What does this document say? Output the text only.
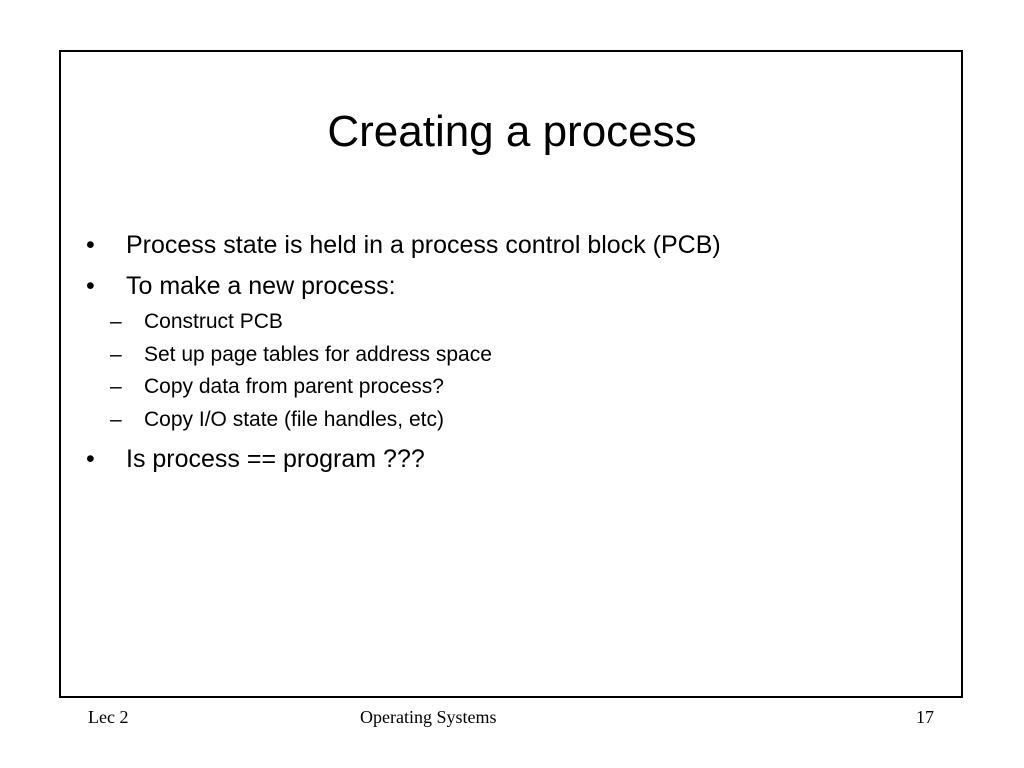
Creating a process
• Process state is held in a process control block (PCB)
• To make a new process:
– Construct PCB
– Set up page tables for address space
– Copy data from parent process?
– Copy I/O state (file handles, etc)
• Is process == program ???
Lec 2	Operating Systems	17
